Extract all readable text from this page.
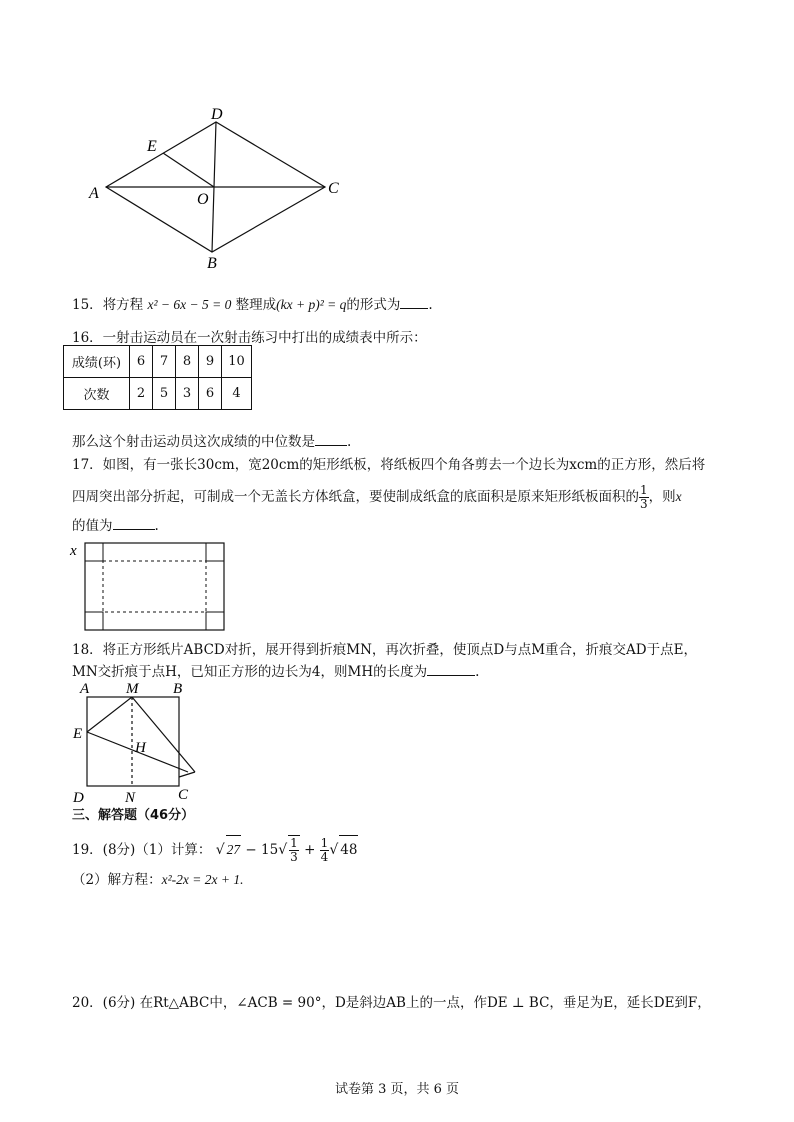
D
E
A	O
C
B
15．将方程 x² − 6x − 5 = 0 整理成(kx + p)² = q的形式为 .
16．一射击运动员在一次射击练习中打出的成绩表中所示：
成绩(环)	6	7	8	9	10
次数	2	5	3	6	4
那么这个射击运动员这次成绩的中位数是 .
17．如图，有一张长30cm，宽20cm的矩形纸板，将纸板四个角各剪去一个边长为xcm的正方形，然后将
四周突出部分折起，可制成一个无盖长方体纸盒，要使制成纸盒的底面积是原来矩形纸板面积的 $\frac{1}{3}$ ，则x
的值为	.
x
18．将正方形纸片ABCD对折，展开得到折痕MN，再次折叠，使顶点D与点M重合，折痕交AD于点E，
MN交折痕于点H，已知正方形的边长为4，则MH的长度为	.
A M B
E
H
D	N	C
三、解答题（46分）
19．(8分)（1）计算： √ $27 - 15√ \frac{1}{3} + \frac{1}{4}$ √ 48
（2）解方程：x²-2x = 2x + 1.
20．(6分) 在Rt△ABC中，∠ACB = 90°，D是斜边AB上的一点，作DE ⊥ BC，垂足为E，延长DE到F，
试卷第 3 页，共 6 页
